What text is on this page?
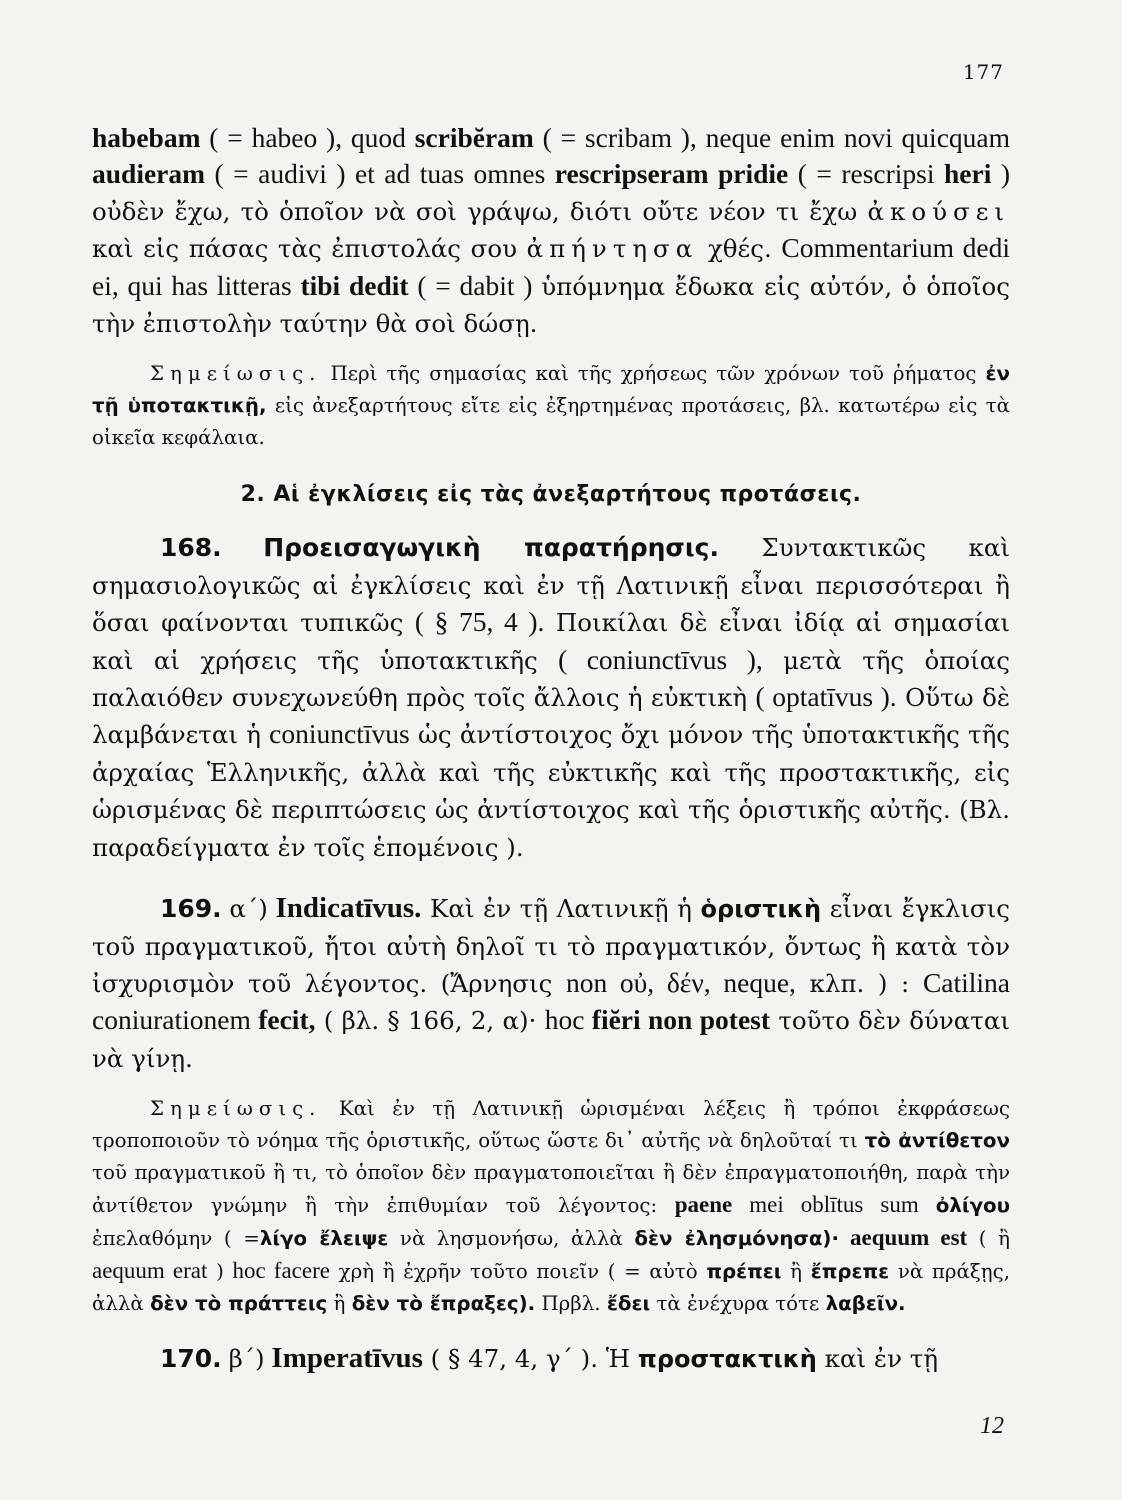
177

habebam ( = habeo ), quod scribĕram ( = scribam ), neque enim novi quicquam audieram ( = audivi ) et ad tuas omnes rescripseram pridie ( = rescripsi heri ) οὐδὲν ἔχω, τὸ ὁποῖον νὰ σοὶ γράψω, διότι οὔτε νέον τι ἔχω ἀκούσει καὶ εἰς πάσας τὰς ἐπιστολάς σου ἀπήντησα χθές. Commentarium dedi ei, qui has litteras tibi dedit ( = dabit ) ὑπόμνημα ἔδωκα εἰς αὐτόν, ὁ ὁποῖος τὴν ἐπιστολὴν ταύτην θὰ σοὶ δώσῃ.

Σημείωσις. Περὶ τῆς σημασίας καὶ τῆς χρήσεως τῶν χρόνων τοῦ ῥήματος ἐν τῇ ὑποτακτικῇ, εἰς ἀνεξαρτήτους εἴτε εἰς ἐξηρτημένας προτάσεις, βλ. κατωτέρω εἰς τὰ οἰκεῖα κεφάλαια.

2. Αἱ ἐγκλίσεις εἰς τὰς ἀνεξαρτήτους προτάσεις.

168. Προεισαγωγικὴ παρατήρησις. Συντακτικῶς καὶ σημασιολογικῶς αἱ ἐγκλίσεις καὶ ἐν τῇ Λατινικῇ εἶναι περισσότεραι ἢ ὅσαι φαίνονται τυπικῶς ( § 75, 4 ). Ποικίλαι δὲ εἶναι ἰδίᾳ αἱ σημασίαι καὶ αἱ χρήσεις τῆς ὑποτακτικῆς ( coniunctīvus ), μετὰ τῆς ὁποίας παλαιόθεν συνεχωνεύθη πρὸς τοῖς ἄλλοις ἡ εὐκτικὴ ( optatīvus ). Οὕτω δὲ λαμβάνεται ἡ coniunctīvus ὡς ἀντίστοιχος ὄχι μόνον τῆς ὑποτακτικῆς τῆς ἀρχαίας Ἑλληνικῆς, ἀλλὰ καὶ τῆς εὐκτικῆς καὶ τῆς προστακτικῆς, εἰς ὡρισμένας δὲ περιπτώσεις ὡς ἀντίστοιχος καὶ τῆς ὁριστικῆς αὐτῆς. (Βλ. παραδείγματα ἐν τοῖς ἑπομένοις ).

169. α΄) Indicatīvus. Καὶ ἐν τῇ Λατινικῇ ἡ ὁριστικὴ εἶναι ἔγκλισις τοῦ πραγματικοῦ, ἤτοι αὐτὴ δηλοῖ τι τὸ πραγματικόν, ὄντως ἢ κατὰ τὸν ἰσχυρισμὸν τοῦ λέγοντος. (Ἄρνησις non οὐ, δέν, neque, κλπ. ) : Catilina coniurationem fecit, ( βλ. § 166, 2, α)· hoc fiĕri non potest τοῦτο δὲν δύναται νὰ γίνῃ.

Σημείωσις. Καὶ ἐν τῇ Λατινικῇ ὡρισμέναι λέξεις ἢ τρόποι ἐκφράσεως τροποποιοῦν τὸ νόημα τῆς ὁριστικῆς, οὕτως ὥστε δι᾽ αὐτῆς νὰ δηλοῦταί τι τὸ ἀντίθετον τοῦ πραγματικοῦ ἢ τι, τὸ ὁποῖον δὲν πραγματοποιεῖται ἢ δὲν ἐπραγματοποιήθη, παρὰ τὴν ἀντίθετον γνώμην ἢ τὴν ἐπιθυμίαν τοῦ λέγοντος: paene mei oblītus sum ὀλίγου ἐπελαθόμην ( =λίγο ἔλειψε νὰ λησμονήσω, ἀλλὰ δὲν ἐλησμόνησα)· aequum est ( ἢ aequum erat ) hoc facere χρὴ ἢ ἐχρῆν τοῦτο ποιεῖν ( = αὐτὸ πρέπει ἢ ἔπρεπε νὰ πράξῃς, ἀλλὰ δὲν τὸ πράττεις ἢ δὲν τὸ ἔπραξες). Πρβλ. ἔδει τὰ ἐνέχυρα τότε λαβεῖν.

170. β΄) Imperatīvus ( § 47, 4, γ΄ ). Ἡ προστακτικὴ καὶ ἐν τῇ

12
